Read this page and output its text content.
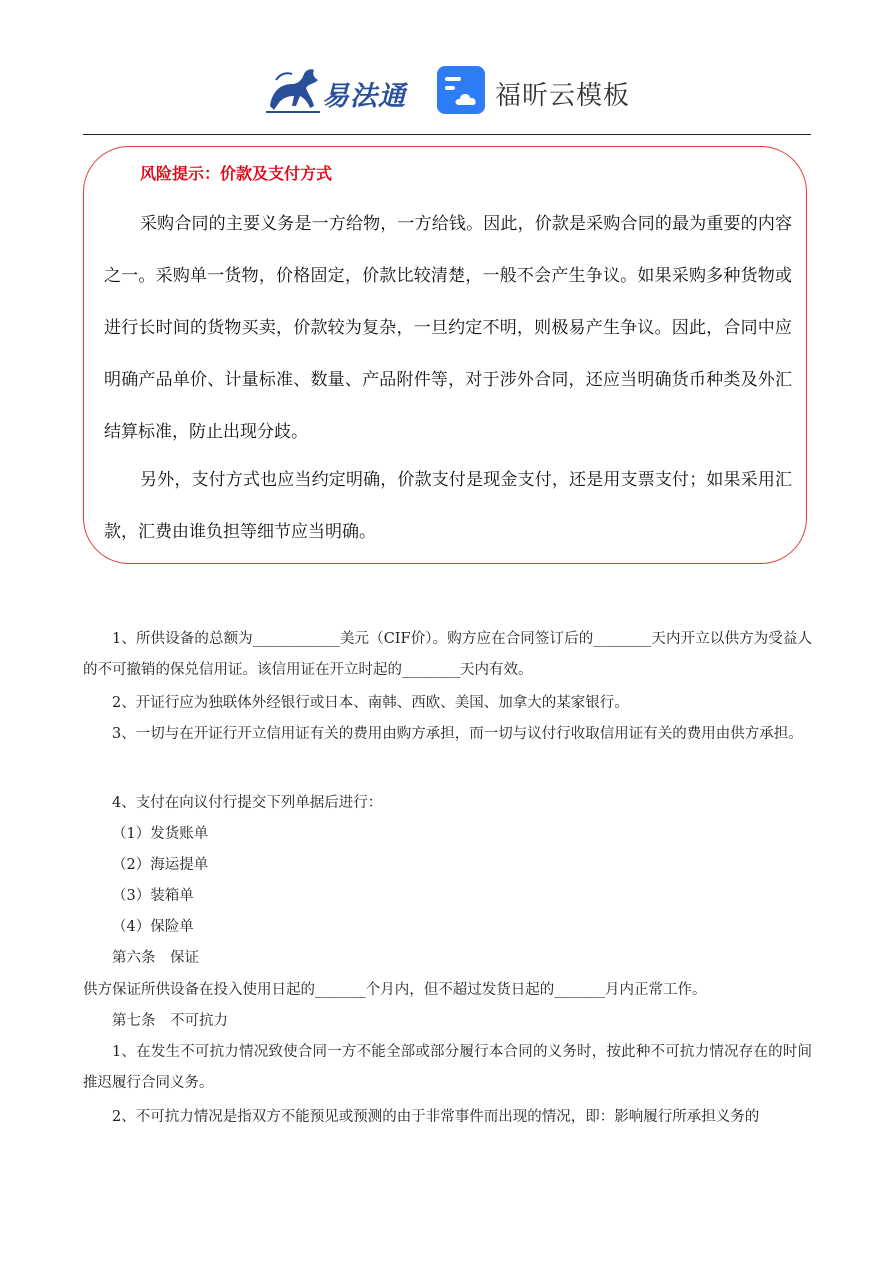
易法通	福昕云模板
风险提示：价款及支付方式

采购合同的主要义务是一方给物，一方给钱。因此，价款是采购合同的最为重要的内容之一。采购单一货物，价格固定，价款比较清楚，一般不会产生争议。如果采购多种货物或进行长时间的货物买卖，价款较为复杂，一旦约定不明，则极易产生争议。因此，合同中应明确产品单价、计量标准、数量、产品附件等，对于涉外合同，还应当明确货币种类及外汇结算标准，防止出现分歧。

另外，支付方式也应当约定明确，价款支付是现金支付，还是用支票支付；如果采用汇款，汇费由谁负担等细节应当明确。

1、所供设备的总额为____________美元（CIF价）。购方应在合同签订后的________天内开立以供方为受益人的不可撤销的保兑信用证。该信用证在开立时起的________天内有效。

2、开证行应为独联体外经银行或日本、南韩、西欧、美国、加拿大的某家银行。

3、一切与在开证行开立信用证有关的费用由购方承担，而一切与议付行收取信用证有关的费用由供方承担。

4、支付在向议付行提交下列单据后进行：

（1）发货账单

（2）海运提单

（3）装箱单

（4）保险单

第六条　保证

供方保证所供设备在投入使用日起的_______个月内，但不超过发货日起的_______月内正常工作。

第七条　不可抗力

1、在发生不可抗力情况致使合同一方不能全部或部分履行本合同的义务时，按此种不可抗力情况存在的时间推迟履行合同义务。

2、不可抗力情况是指双方不能预见或预测的由于非常事件而出现的情况，即：影响履行所承担义务的
